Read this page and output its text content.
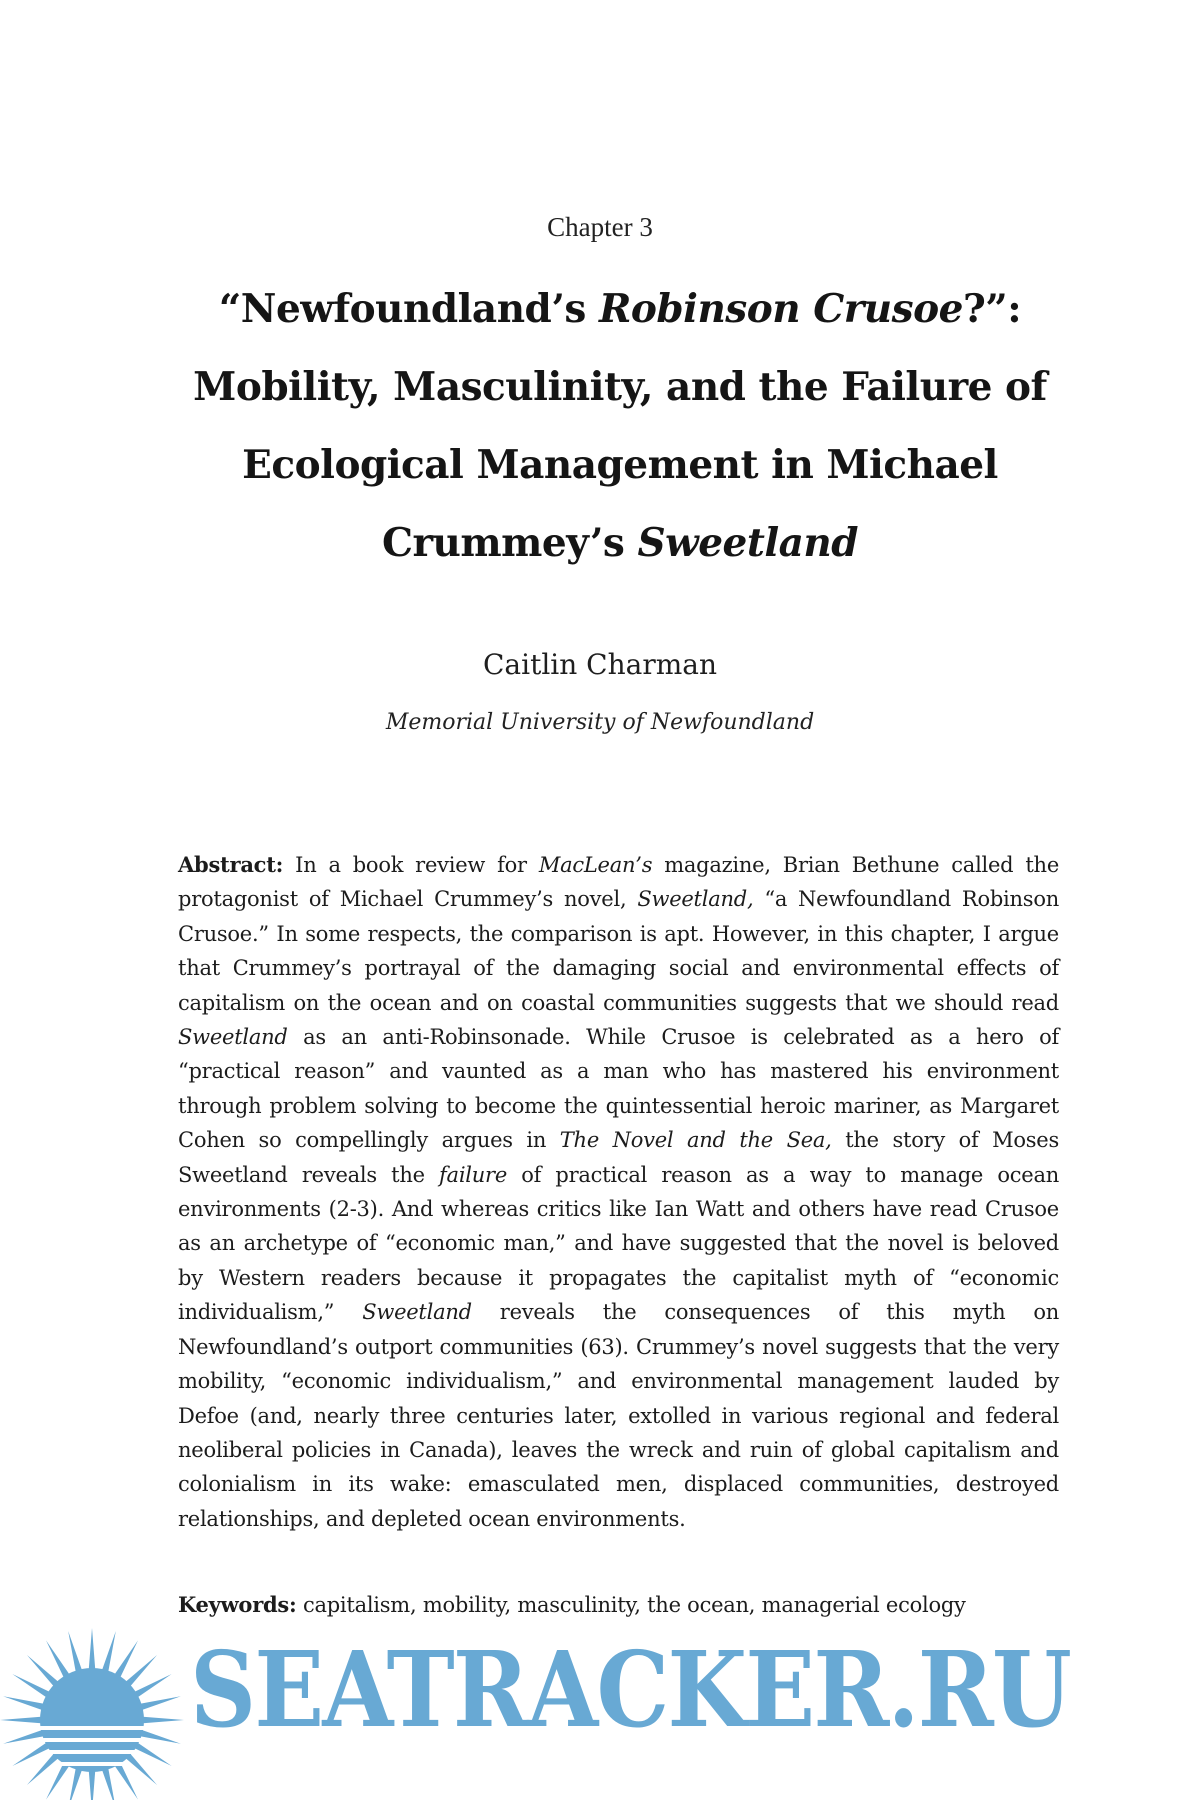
Chapter 3
“Newfoundland’s Robinson Crusoe?”:
Mobility, Masculinity, and the Failure of
Ecological Management in Michael
Crummey’s Sweetland
Caitlin Charman
Memorial University of Newfoundland
Abstract: In a book review for MacLean’s magazine, Brian Bethune called the protagonist of Michael Crummey’s novel, Sweetland, “a Newfoundland Robinson Crusoe.” In some respects, the comparison is apt. However, in this chapter, I argue that Crummey’s portrayal of the damaging social and environmental effects of capitalism on the ocean and on coastal communities suggests that we should read Sweetland as an anti-Robinsonade. While Crusoe is celebrated as a hero of “practical reason” and vaunted as a man who has mastered his environment through problem solving to become the quintessential heroic mariner, as Margaret Cohen so compellingly argues in The Novel and the Sea, the story of Moses Sweetland reveals the failure of practical reason as a way to manage ocean environments (2-3). And whereas critics like Ian Watt and others have read Crusoe as an archetype of “economic man,” and have suggested that the novel is beloved by Western readers because it propagates the capitalist myth of “economic individualism,” Sweetland reveals the consequences of this myth on Newfoundland’s outport communities (63). Crummey’s novel suggests that the very mobility, “economic individualism,” and environmental management lauded by Defoe (and, nearly three centuries later, extolled in various regional and federal neoliberal policies in Canada), leaves the wreck and ruin of global capitalism and colonialism in its wake: emasculated men, displaced communities, destroyed relationships, and depleted ocean environments.
Keywords: capitalism, mobility, masculinity, the ocean, managerial ecology
SEATRACKER.RU
